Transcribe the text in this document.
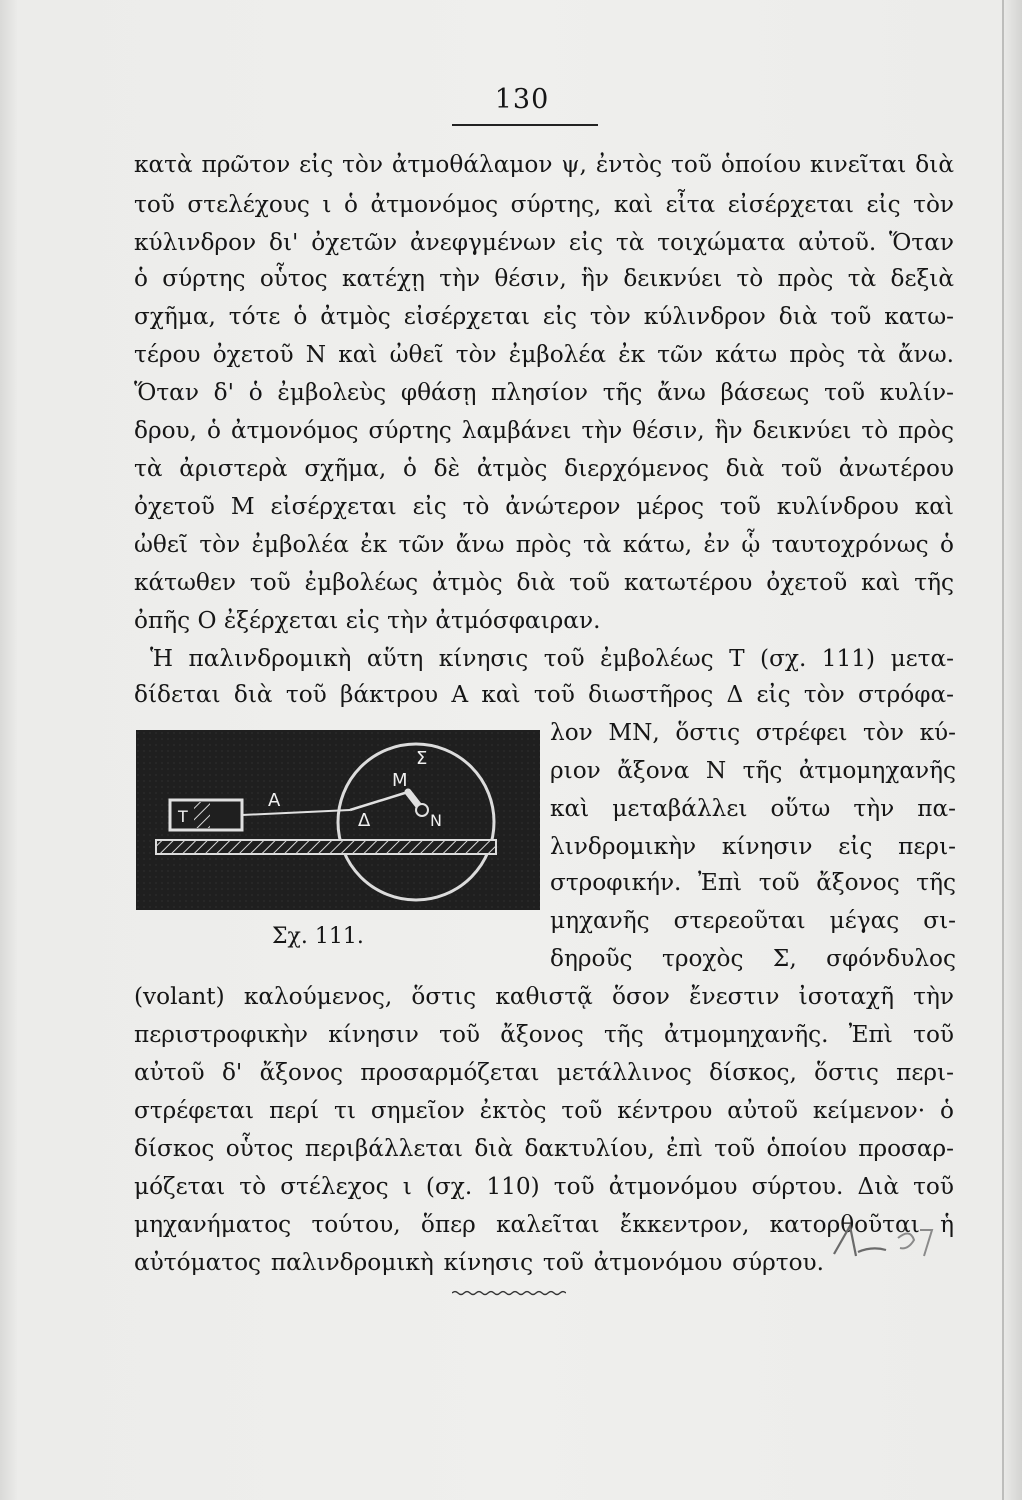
130
κατὰ πρῶτον εἰς τὸν ἀτμοθάλαμον ψ, ἐντὸς τοῦ ὁποίου κινεῖται διὰ
τοῦ στελέχους ι ὁ ἀτμονόμος σύρτης, καὶ εἶτα εἰσέρχεται εἰς τὸν
κύλινδρον δι' ὀχετῶν ἀνεφγμένων εἰς τὰ τοιχώματα αὐτοῦ. Ὅταν
ὁ σύρτης οὗτος κατέχῃ τὴν θέσιν, ἣν δεικνύει τὸ πρὸς τὰ δεξιὰ
σχῆμα, τότε ὁ ἀτμὸς εἰσέρχεται εἰς τὸν κύλινδρον διὰ τοῦ κατω-
τέρου ὀχετοῦ Ν καὶ ὠθεῖ τὸν ἐμβολέα ἐκ τῶν κάτω πρὸς τὰ ἄνω.
Ὅταν δ' ὁ ἐμβολεὺς φθάσῃ πλησίον τῆς ἄνω βάσεως τοῦ κυλίν-
δρου, ὁ ἀτμονόμος σύρτης λαμβάνει τὴν θέσιν, ἣν δεικνύει τὸ πρὸς
τὰ ἀριστερὰ σχῆμα, ὁ δὲ ἀτμὸς διερχόμενος διὰ τοῦ ἀνωτέρου
ὀχετοῦ Μ εἰσέρχεται εἰς τὸ ἀνώτερον μέρος τοῦ κυλίνδρου καὶ
ὠθεῖ τὸν ἐμβολέα ἐκ τῶν ἄνω πρὸς τὰ κάτω, ἐν ᾧ ταυτοχρόνως ὁ
κάτωθεν τοῦ ἐμβολέως ἀτμὸς διὰ τοῦ κατωτέρου ὀχετοῦ καὶ τῆς
ὀπῆς Ο ἐξέρχεται εἰς τὴν ἀτμόσφαιραν.
Ἡ παλινδρομικὴ αὕτη κίνησις τοῦ ἐμβολέως Τ (σχ. 111) μετα-
δίδεται διὰ τοῦ βάκτρου Α καὶ τοῦ διωστῆρος Δ εἰς τὸν στρόφα-
λον ΜΝ, ὅστις στρέφει τὸν κύ-
ριον ἄξονα Ν τῆς ἀτμομηχανῆς
καὶ μεταβάλλει οὕτω τὴν πα-
λινδρομικὴν κίνησιν εἰς περι-
στροφικήν. Ἐπὶ τοῦ ἄξονος τῆς
μηχανῆς στερεοῦται μέγας σι-
δηροῦς τροχὸς Σ, σφόνδυλος
(volant) καλούμενος, ὅστις καθιστᾷ ὅσον ἔνεστιν ἰσοταχῆ τὴν
περιστροφικὴν κίνησιν τοῦ ἄξονος τῆς ἀτμομηχανῆς. Ἐπὶ τοῦ
αὐτοῦ δ' ἄξονος προσαρμόζεται μετάλλινος δίσκος, ὅστις περι-
στρέφεται περί τι σημεῖον ἐκτὸς τοῦ κέντρου αὐτοῦ κείμενον· ὁ
δίσκος οὗτος περιβάλλεται διὰ δακτυλίου, ἐπὶ τοῦ ὁποίου προσαρ-
μόζεται τὸ στέλεχος ι (σχ. 110) τοῦ ἀτμονόμου σύρτου. Διὰ τοῦ
μηχανήματος τούτου, ὅπερ καλεῖται ἔκκεντρον, κατορθοῦται ἡ
αὐτόματος παλινδρομικὴ κίνησις τοῦ ἀτμονόμου σύρτου.
Τ
Α
Δ
Μ
Ν
Σ
Σχ. 111.
